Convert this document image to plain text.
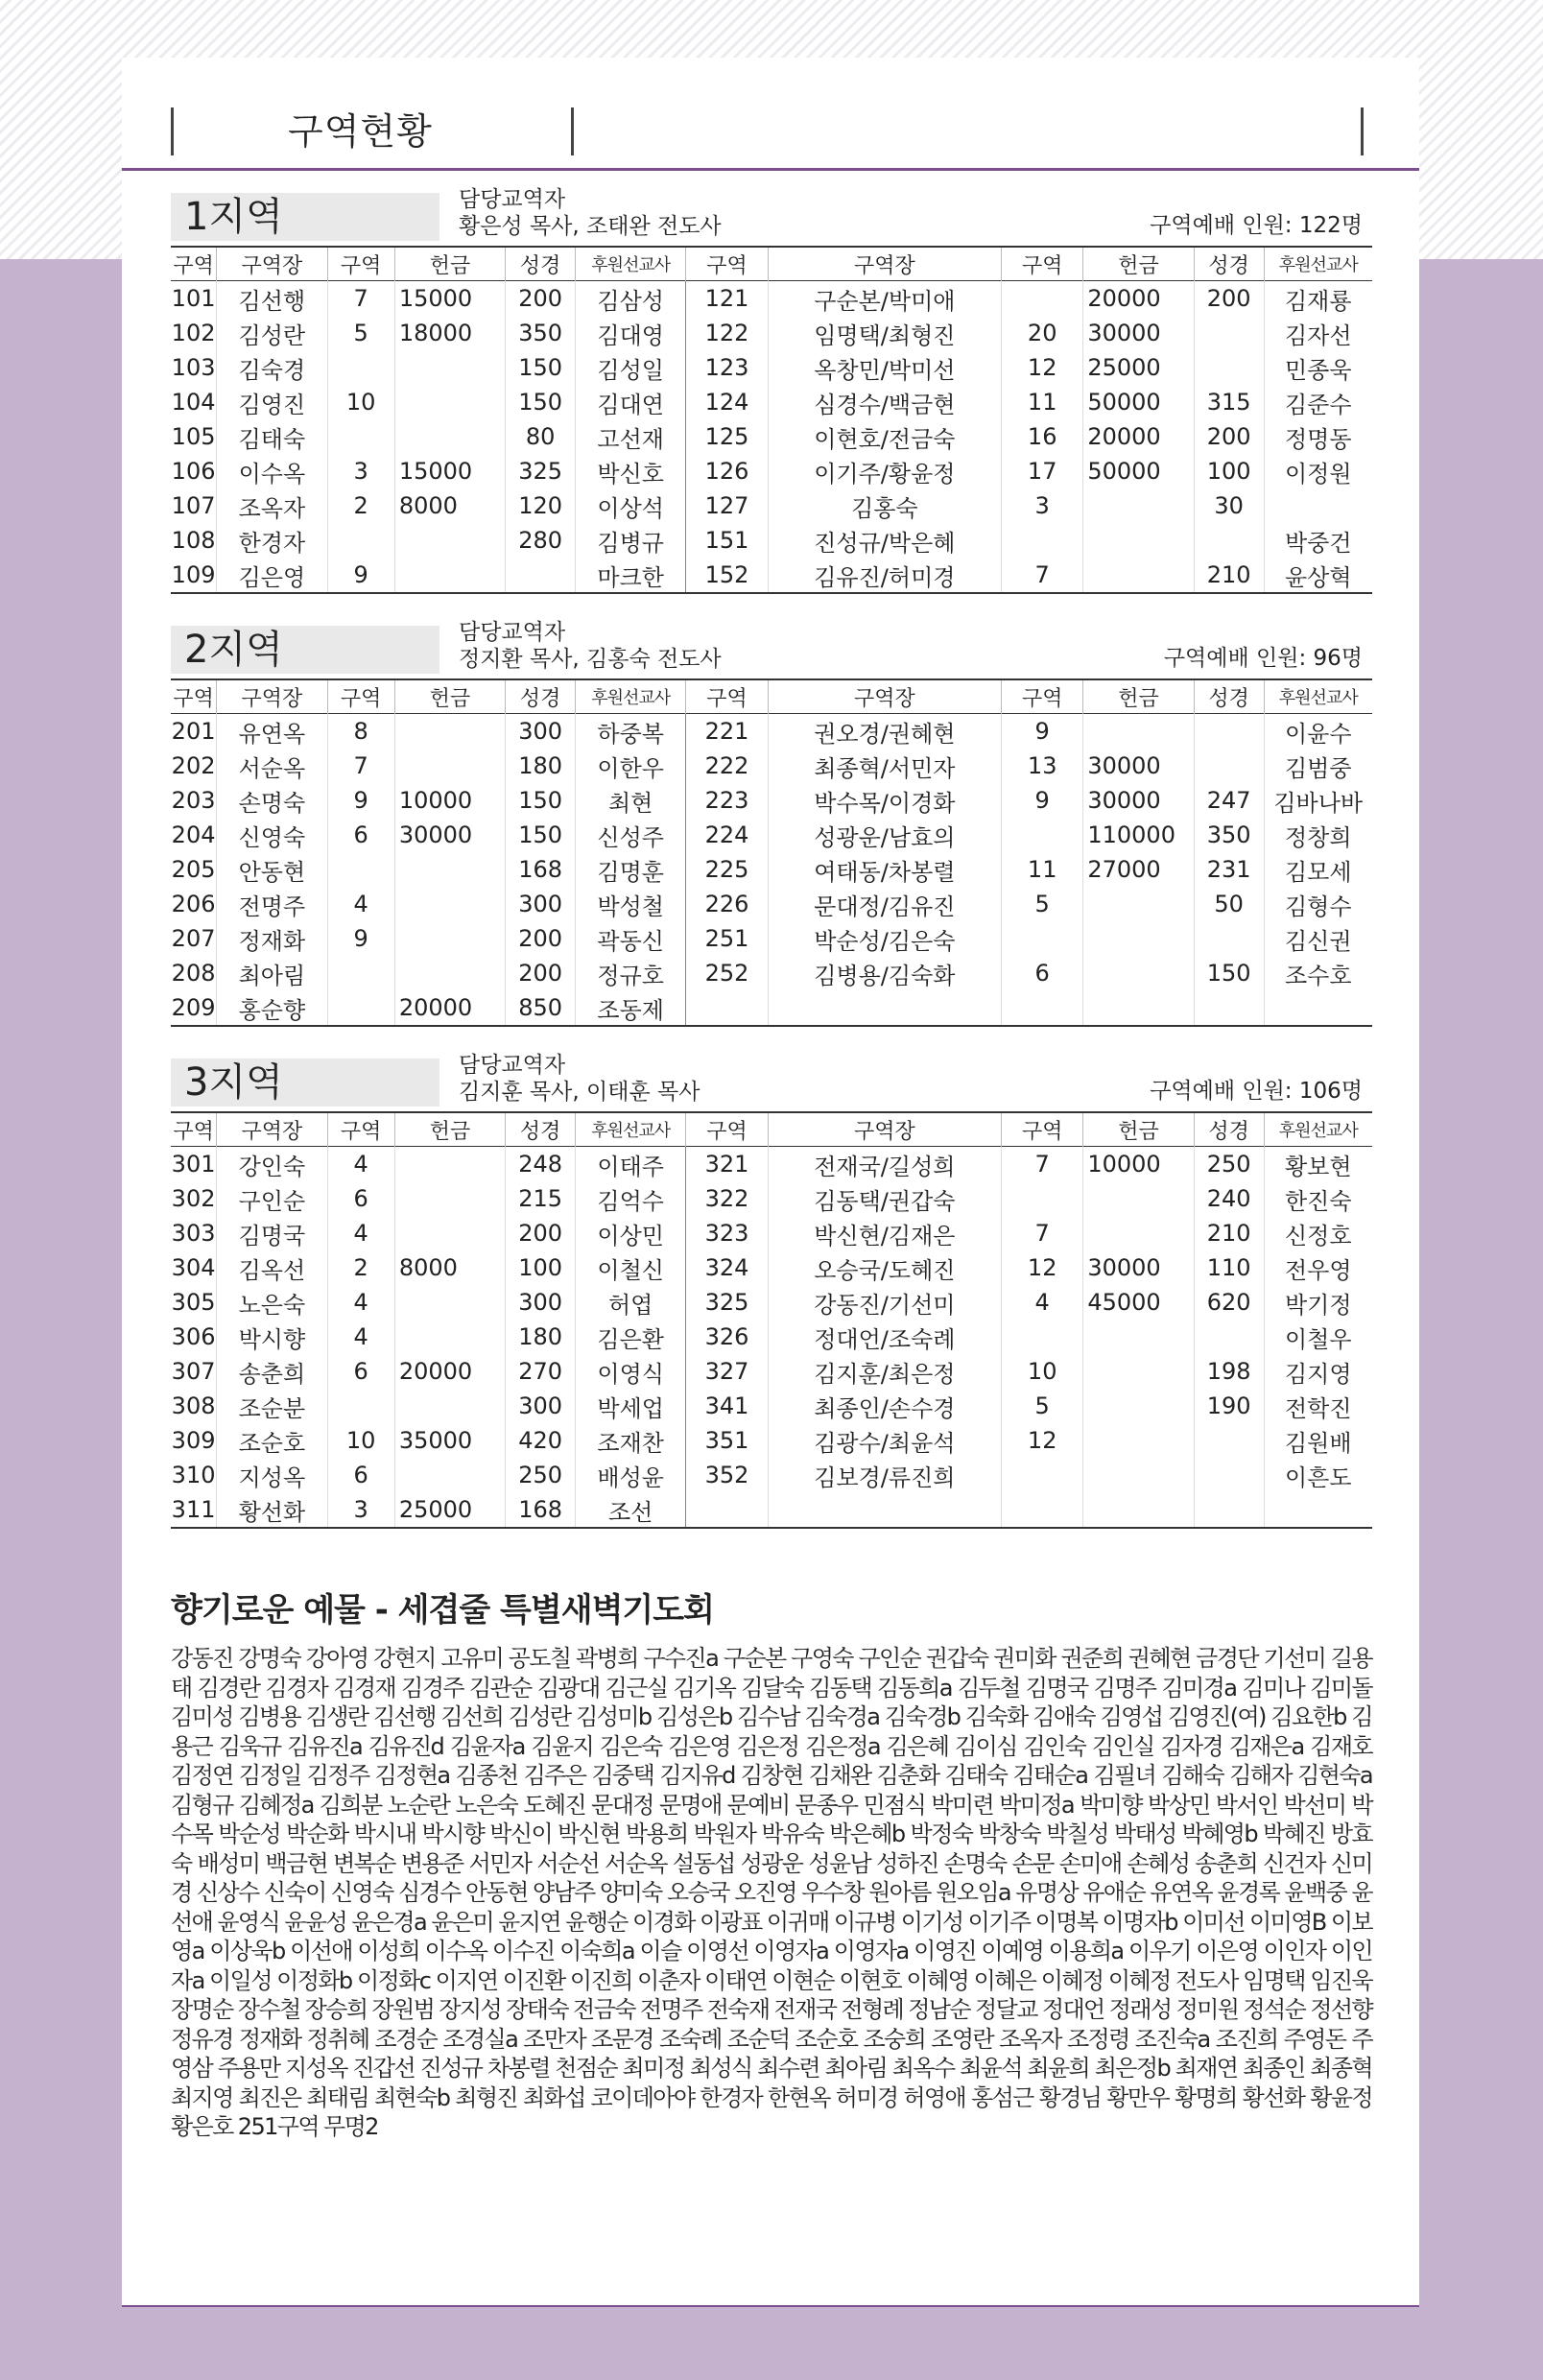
구역현황
1지역	담당교역자
황은성 목사, 조태완 전도사	구역예배 인원: 122명
구역	구역장	구역	헌금	성경	후원선교사	구역	구역장	구역	헌금	성경	후원선교사
101	김선행	7	15000	200	김삼성	121	구순본/박미애		20000	200	김재룡
102	김성란	5	18000	350	김대영	122	임명택/최형진	20	30000		김자선
103	김숙경			150	김성일	123	옥창민/박미선	12	25000		민종욱
104	김영진	10		150	김대연	124	심경수/백금현	11	50000	315	김준수
105	김태숙			80	고선재	125	이현호/전금숙	16	20000	200	정명동
106	이수옥	3	15000	325	박신호	126	이기주/황윤정	17	50000	100	이정원
107	조옥자	2	8000	120	이상석	127	김홍숙	3		30	
108	한경자			280	김병규	151	진성규/박은혜				박중건
109	김은영	9			마크한	152	김유진/허미경	7		210	윤상혁
2지역	담당교역자
정지환 목사, 김홍숙 전도사	구역예배 인원: 96명
구역	구역장	구역	헌금	성경	후원선교사	구역	구역장	구역	헌금	성경	후원선교사
201	유연옥	8		300	하중복	221	권오경/권혜현	9			이윤수
202	서순옥	7		180	이한우	222	최종혁/서민자	13	30000		김범중
203	손명숙	9	10000	150	최현	223	박수목/이경화	9	30000	247	김바나바
204	신영숙	6	30000	150	신성주	224	성광운/남효의		110000	350	정창희
205	안동현			168	김명훈	225	여태동/차봉렬	11	27000	231	김모세
206	전명주	4		300	박성철	226	문대정/김유진	5		50	김형수
207	정재화	9		200	곽동신	251	박순성/김은숙				김신권
208	최아림			200	정규호	252	김병용/김숙화	6		150	조수호
209	홍순향		20000	850	조동제						
3지역	담당교역자
김지훈 목사, 이태훈 목사	구역예배 인원: 106명
구역	구역장	구역	헌금	성경	후원선교사	구역	구역장	구역	헌금	성경	후원선교사
301	강인숙	4		248	이태주	321	전재국/길성희	7	10000	250	황보현
302	구인순	6		215	김억수	322	김동택/권갑숙			240	한진숙
303	김명국	4		200	이상민	323	박신현/김재은	7		210	신정호
304	김옥선	2	8000	100	이철신	324	오승국/도혜진	12	30000	110	전우영
305	노은숙	4		300	허엽	325	강동진/기선미	4	45000	620	박기정
306	박시향	4		180	김은환	326	정대언/조숙례				이철우
307	송춘희	6	20000	270	이영식	327	김지훈/최은정	10		198	김지영
308	조순분			300	박세업	341	최종인/손수경	5		190	전학진
309	조순호	10	35000	420	조재찬	351	김광수/최윤석	12			김원배
310	지성옥	6		250	배성윤	352	김보경/류진희				이흔도
311	황선화	3	25000	168	조선						
향기로운 예물 - 세겹줄 특별새벽기도회
강동진 강명숙 강아영 강현지 고유미 공도칠 곽병희 구수진a 구순본 구영숙 구인순 권갑숙 권미화 권준희 권혜현 금경단 기선미 길용태 김경란 김경자 김경재 김경주 김관순 김광대 김근실 김기옥 김달숙 김동택 김동희a 김두철 김명국 김명주 김미경a 김미나 김미돌 김미성 김병용 김생란 김선행 김선희 김성란 김성미b 김성은b 김수남 김숙경a 김숙경b 김숙화 김애숙 김영섭 김영진(여) 김요한b 김용근 김욱규 김유진a 김유진d 김윤자a 김윤지 김은숙 김은영 김은정 김은정a 김은혜 김이심 김인숙 김인실 김자경 김재은a 김재호 김정연 김정일 김정주 김정현a 김종천 김주은 김중택 김지유d 김창현 김채완 김춘화 김태숙 김태순a 김필녀 김해숙 김해자 김현숙a 김형규 김혜정a 김희분 노순란 노은숙 도혜진 문대정 문명애 문예비 문종우 민점식 박미련 박미정a 박미향 박상민 박서인 박선미 박수목 박순성 박순화 박시내 박시향 박신이 박신현 박용희 박원자 박유숙 박은혜b 박정숙 박창숙 박칠성 박태성 박혜영b 박혜진 방효숙 배성미 백금현 변복순 변용준 서민자 서순선 서순옥 설동섭 성광운 성윤남 성하진 손명숙 손문 손미애 손혜성 송춘희 신건자 신미경 신상수 신숙이 신영숙 심경수 안동현 양남주 양미숙 오승국 오진영 우수창 원아름 원오임a 유명상 유애순 유연옥 윤경록 윤백중 윤선애 윤영식 윤윤성 윤은경a 윤은미 윤지연 윤행순 이경화 이광표 이귀매 이규병 이기성 이기주 이명복 이명자b 이미선 이미영B 이보영a 이상욱b 이선애 이성희 이수옥 이수진 이숙희a 이슬 이영선 이영자a 이영자a 이영진 이예영 이용희a 이우기 이은영 이인자 이인자a 이일성 이정화b 이정화c 이지연 이진환 이진희 이춘자 이태연 이현순 이현호 이혜영 이혜은 이혜정 이혜정 전도사 임명택 임진욱 장명순 장수철 장승희 장원범 장지성 장태숙 전금숙 전명주 전숙재 전재국 전형례 정남순 정달교 정대언 정래성 정미원 정석순 정선향 정유경 정재화 정취혜 조경순 조경실a 조만자 조문경 조숙례 조순덕 조순호 조숭희 조영란 조옥자 조정령 조진숙a 조진희 주영돈 주영삼 주용만 지성옥 진갑선 진성규 차봉렬 천점순 최미정 최성식 최수련 최아림 최옥수 최윤석 최윤희 최은정b 최재연 최종인 최종혁 최지영 최진은 최태림 최현숙b 최형진 최화섭 코이데아야 한경자 한현옥 허미경 허영애 홍섬근 황경님 황만우 황명희 황선화 황윤정 황은호 251구역 무명2
